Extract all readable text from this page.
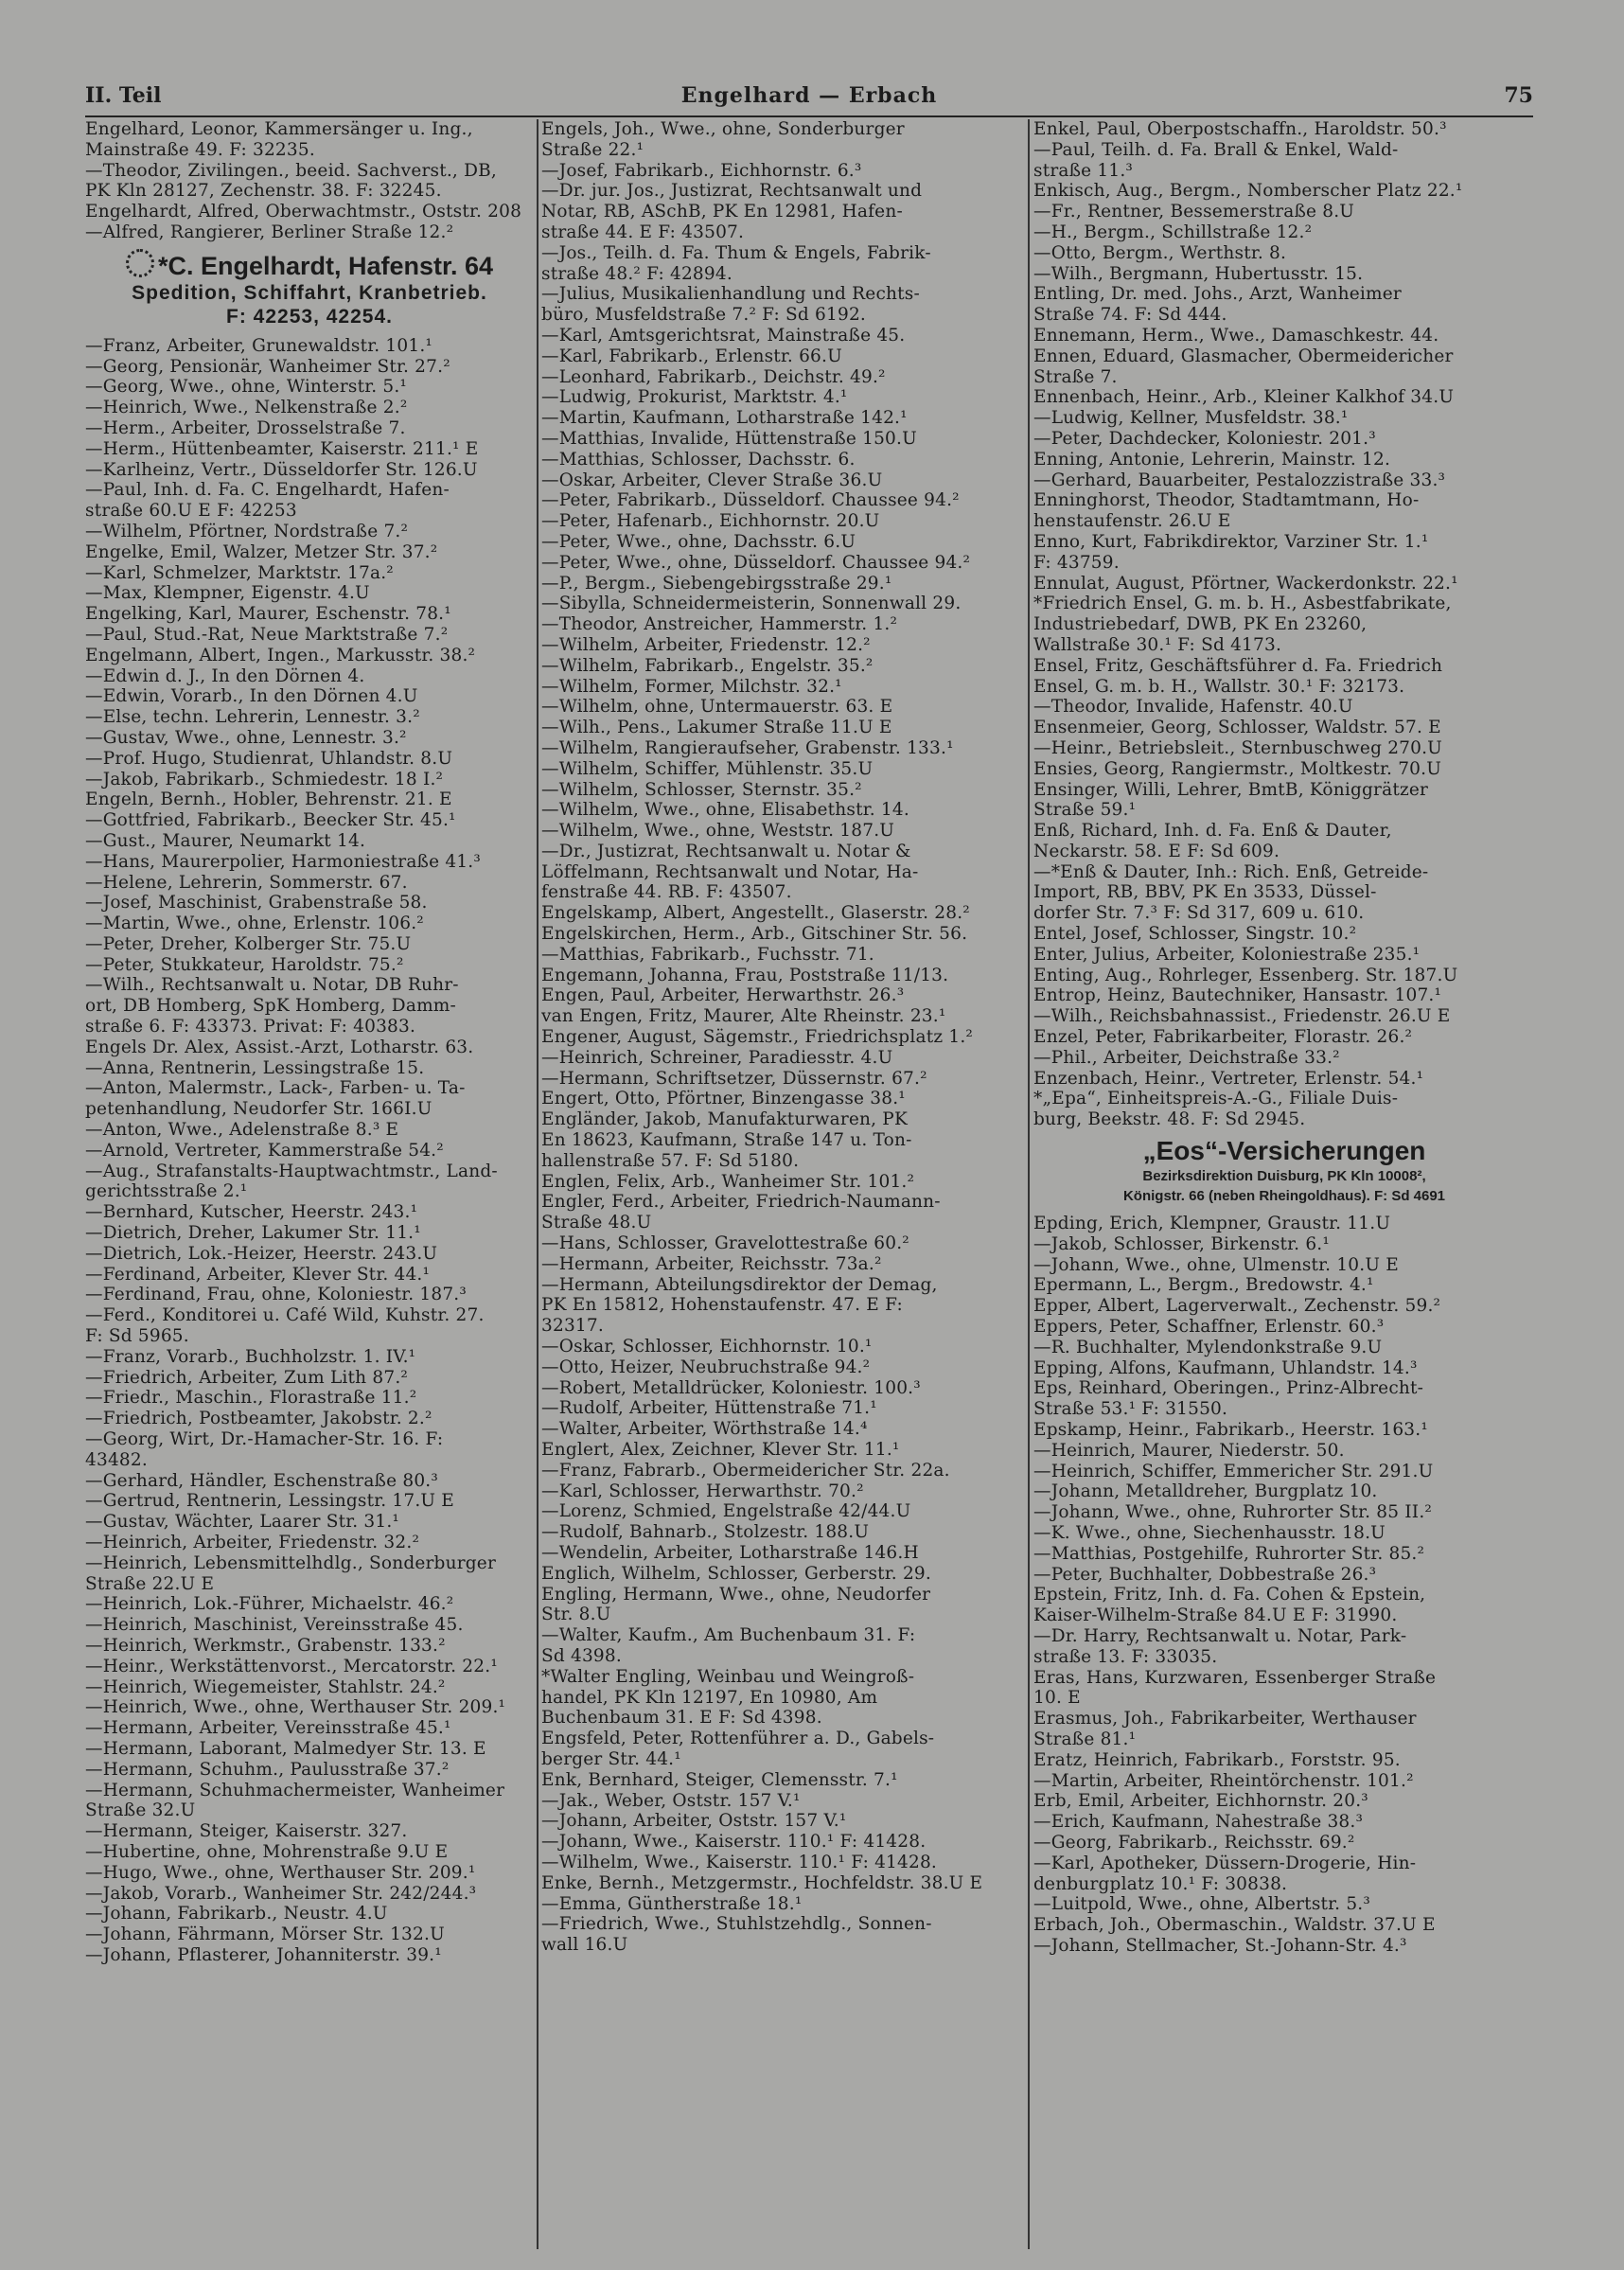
II. Teil	Engelhard — Erbach	75
Engelhard, Leonor, Kammersänger u. Ing.,
Mainstraße 49. F: 32235.
—Theodor, Zivilingen., beeid. Sachverst., DB,
PK Kln 28127, Zechenstr. 38. F: 32245.
Engelhardt, Alfred, Oberwachtmstr., Oststr. 208
—Alfred, Rangierer, Berliner Straße 12.²
*C. Engelhardt, Hafenstr. 64
Spedition, Schiffahrt, Kranbetrieb.
F: 42253, 42254.
—Franz, Arbeiter, Grunewaldstr. 101.¹
—Georg, Pensionär, Wanheimer Str. 27.²
—Georg, Wwe., ohne, Winterstr. 5.¹
—Heinrich, Wwe., Nelkenstraße 2.²
—Herm., Arbeiter, Drosselstraße 7.
—Herm., Hüttenbeamter, Kaiserstr. 211.¹ E
—Karlheinz, Vertr., Düsseldorfer Str. 126.U
—Paul, Inh. d. Fa. C. Engelhardt, Hafen-
straße 60.U E F: 42253
—Wilhelm, Pförtner, Nordstraße 7.²
Engelke, Emil, Walzer, Metzer Str. 37.²
—Karl, Schmelzer, Marktstr. 17a.²
—Max, Klempner, Eigenstr. 4.U
Engelking, Karl, Maurer, Eschenstr. 78.¹
—Paul, Stud.-Rat, Neue Marktstraße 7.²
Engelmann, Albert, Ingen., Markusstr. 38.²
—Edwin d. J., In den Dörnen 4.
—Edwin, Vorarb., In den Dörnen 4.U
—Else, techn. Lehrerin, Lennestr. 3.²
—Gustav, Wwe., ohne, Lennestr. 3.²
—Prof. Hugo, Studienrat, Uhlandstr. 8.U
—Jakob, Fabrikarb., Schmiedestr. 18 I.²
Engeln, Bernh., Hobler, Behrenstr. 21. E
—Gottfried, Fabrikarb., Beecker Str. 45.¹
—Gust., Maurer, Neumarkt 14.
—Hans, Maurerpolier, Harmoniestraße 41.³
—Helene, Lehrerin, Sommerstr. 67.
—Josef, Maschinist, Grabenstraße 58.
—Martin, Wwe., ohne, Erlenstr. 106.²
—Peter, Dreher, Kolberger Str. 75.U
—Peter, Stukkateur, Haroldstr. 75.²
—Wilh., Rechtsanwalt u. Notar, DB Ruhr-
ort, DB Homberg, SpK Homberg, Damm-
straße 6. F: 43373. Privat: F: 40383.
Engels Dr. Alex, Assist.-Arzt, Lotharstr. 63.
—Anna, Rentnerin, Lessingstraße 15.
—Anton, Malermstr., Lack-, Farben- u. Ta-
petenhandlung, Neudorfer Str. 166I.U
—Anton, Wwe., Adelenstraße 8.³ E
—Arnold, Vertreter, Kammerstraße 54.²
—Aug., Strafanstalts-Hauptwachtmstr., Land-
gerichtsstraße 2.¹
—Bernhard, Kutscher, Heerstr. 243.¹
—Dietrich, Dreher, Lakumer Str. 11.¹
—Dietrich, Lok.-Heizer, Heerstr. 243.U
—Ferdinand, Arbeiter, Klever Str. 44.¹
—Ferdinand, Frau, ohne, Koloniestr. 187.³
—Ferd., Konditorei u. Café Wild, Kuhstr. 27.
F: Sd 5965.
—Franz, Vorarb., Buchholzstr. 1. IV.¹
—Friedrich, Arbeiter, Zum Lith 87.²
—Friedr., Maschin., Florastraße 11.²
—Friedrich, Postbeamter, Jakobstr. 2.²
—Georg, Wirt, Dr.-Hamacher-Str. 16. F:
43482.
—Gerhard, Händler, Eschenstraße 80.³
—Gertrud, Rentnerin, Lessingstr. 17.U E
—Gustav, Wächter, Laarer Str. 31.¹
—Heinrich, Arbeiter, Friedenstr. 32.²
—Heinrich, Lebensmittelhdlg., Sonderburger
Straße 22.U E
—Heinrich, Lok.-Führer, Michaelstr. 46.²
—Heinrich, Maschinist, Vereinsstraße 45.
—Heinrich, Werkmstr., Grabenstr. 133.²
—Heinr., Werkstättenvorst., Mercatorstr. 22.¹
—Heinrich, Wiegemeister, Stahlstr. 24.²
—Heinrich, Wwe., ohne, Werthauser Str. 209.¹
—Hermann, Arbeiter, Vereinsstraße 45.¹
—Hermann, Laborant, Malmedyer Str. 13. E
—Hermann, Schuhm., Paulusstraße 37.²
—Hermann, Schuhmachermeister, Wanheimer
Straße 32.U
—Hermann, Steiger, Kaiserstr. 327.
—Hubertine, ohne, Mohrenstraße 9.U E
—Hugo, Wwe., ohne, Werthauser Str. 209.¹
—Jakob, Vorarb., Wanheimer Str. 242/244.³
—Johann, Fabrikarb., Neustr. 4.U
—Johann, Fährmann, Mörser Str. 132.U
—Johann, Pflasterer, Johanniterstr. 39.¹
Engels, Joh., Wwe., ohne, Sonderburger
Straße 22.¹
—Josef, Fabrikarb., Eichhornstr. 6.³
—Dr. jur. Jos., Justizrat, Rechtsanwalt und
Notar, RB, ASchB, PK En 12981, Hafen-
straße 44. E F: 43507.
—Jos., Teilh. d. Fa. Thum & Engels, Fabrik-
straße 48.² F: 42894.
—Julius, Musikalienhandlung und Rechts-
büro, Musfeldstraße 7.² F: Sd 6192.
—Karl, Amtsgerichtsrat, Mainstraße 45.
—Karl, Fabrikarb., Erlenstr. 66.U
—Leonhard, Fabrikarb., Deichstr. 49.²
—Ludwig, Prokurist, Marktstr. 4.¹
—Martin, Kaufmann, Lotharstraße 142.¹
—Matthias, Invalide, Hüttenstraße 150.U
—Matthias, Schlosser, Dachsstr. 6.
—Oskar, Arbeiter, Clever Straße 36.U
—Peter, Fabrikarb., Düsseldorf. Chaussee 94.²
—Peter, Hafenarb., Eichhornstr. 20.U
—Peter, Wwe., ohne, Dachsstr. 6.U
—Peter, Wwe., ohne, Düsseldorf. Chaussee 94.²
—P., Bergm., Siebengebirgsstraße 29.¹
—Sibylla, Schneidermeisterin, Sonnenwall 29.
—Theodor, Anstreicher, Hammerstr. 1.²
—Wilhelm, Arbeiter, Friedenstr. 12.²
—Wilhelm, Fabrikarb., Engelstr. 35.²
—Wilhelm, Former, Milchstr. 32.¹
—Wilhelm, ohne, Untermauerstr. 63. E
—Wilh., Pens., Lakumer Straße 11.U E
—Wilhelm, Rangieraufseher, Grabenstr. 133.¹
—Wilhelm, Schiffer, Mühlenstr. 35.U
—Wilhelm, Schlosser, Sternstr. 35.²
—Wilhelm, Wwe., ohne, Elisabethstr. 14.
—Wilhelm, Wwe., ohne, Weststr. 187.U
—Dr., Justizrat, Rechtsanwalt u. Notar &
Löffelmann, Rechtsanwalt und Notar, Ha-
fenstraße 44. RB. F: 43507.
Engelskamp, Albert, Angestellt., Glaserstr. 28.²
Engelskirchen, Herm., Arb., Gitschiner Str. 56.
—Matthias, Fabrikarb., Fuchsstr. 71.
Engemann, Johanna, Frau, Poststraße 11/13.
Engen, Paul, Arbeiter, Herwarthstr. 26.³
van Engen, Fritz, Maurer, Alte Rheinstr. 23.¹
Engener, August, Sägemstr., Friedrichsplatz 1.²
—Heinrich, Schreiner, Paradiesstr. 4.U
—Hermann, Schriftsetzer, Düssernstr. 67.²
Engert, Otto, Pförtner, Binzengasse 38.¹
Engländer, Jakob, Manufakturwaren, PK
En 18623, Kaufmann, Straße 147 u. Ton-
hallenstraße 57. F: Sd 5180.
Englen, Felix, Arb., Wanheimer Str. 101.²
Engler, Ferd., Arbeiter, Friedrich-Naumann-
Straße 48.U
—Hans, Schlosser, Gravelottestraße 60.²
—Hermann, Arbeiter, Reichsstr. 73a.²
—Hermann, Abteilungsdirektor der Demag,
PK En 15812, Hohenstaufenstr. 47. E F:
32317.
—Oskar, Schlosser, Eichhornstr. 10.¹
—Otto, Heizer, Neubruchstraße 94.²
—Robert, Metalldrücker, Koloniestr. 100.³
—Rudolf, Arbeiter, Hüttenstraße 71.¹
—Walter, Arbeiter, Wörthstraße 14.⁴
Englert, Alex, Zeichner, Klever Str. 11.¹
—Franz, Fabrarb., Obermeidericher Str. 22a.
—Karl, Schlosser, Herwarthstr. 70.²
—Lorenz, Schmied, Engelstraße 42/44.U
—Rudolf, Bahnarb., Stolzestr. 188.U
—Wendelin, Arbeiter, Lotharstraße 146.H
Englich, Wilhelm, Schlosser, Gerberstr. 29.
Engling, Hermann, Wwe., ohne, Neudorfer
Str. 8.U
—Walter, Kaufm., Am Buchenbaum 31. F:
Sd 4398.
*Walter Engling, Weinbau und Weingroß-
handel, PK Kln 12197, En 10980, Am
Buchenbaum 31. E F: Sd 4398.
Engsfeld, Peter, Rottenführer a. D., Gabels-
berger Str. 44.¹
Enk, Bernhard, Steiger, Clemensstr. 7.¹
—Jak., Weber, Oststr. 157 V.¹
—Johann, Arbeiter, Oststr. 157 V.¹
—Johann, Wwe., Kaiserstr. 110.¹ F: 41428.
—Wilhelm, Wwe., Kaiserstr. 110.¹ F: 41428.
Enke, Bernh., Metzgermstr., Hochfeldstr. 38.U E
—Emma, Güntherstraße 18.¹
—Friedrich, Wwe., Stuhlstzehdlg., Sonnen-
wall 16.U
Enkel, Paul, Oberpostschaffn., Haroldstr. 50.³
—Paul, Teilh. d. Fa. Brall & Enkel, Wald-
straße 11.³
Enkisch, Aug., Bergm., Nomberscher Platz 22.¹
—Fr., Rentner, Bessemerstraße 8.U
—H., Bergm., Schillstraße 12.²
—Otto, Bergm., Werthstr. 8.
—Wilh., Bergmann, Hubertusstr. 15.
Entling, Dr. med. Johs., Arzt, Wanheimer
Straße 74. F: Sd 444.
Ennemann, Herm., Wwe., Damaschkestr. 44.
Ennen, Eduard, Glasmacher, Obermeidericher
Straße 7.
Ennenbach, Heinr., Arb., Kleiner Kalkhof 34.U
—Ludwig, Kellner, Musfeldstr. 38.¹
—Peter, Dachdecker, Koloniestr. 201.³
Enning, Antonie, Lehrerin, Mainstr. 12.
—Gerhard, Bauarbeiter, Pestalozzistraße 33.³
Enninghorst, Theodor, Stadtamtmann, Ho-
henstaufenstr. 26.U E
Enno, Kurt, Fabrikdirektor, Varziner Str. 1.¹
F: 43759.
Ennulat, August, Pförtner, Wackerdonkstr. 22.¹
*Friedrich Ensel, G. m. b. H., Asbestfabrikate,
Industriebedarf, DWB, PK En 23260,
Wallstraße 30.¹ F: Sd 4173.
Ensel, Fritz, Geschäftsführer d. Fa. Friedrich
Ensel, G. m. b. H., Wallstr. 30.¹ F: 32173.
—Theodor, Invalide, Hafenstr. 40.U
Ensenmeier, Georg, Schlosser, Waldstr. 57. E
—Heinr., Betriebsleit., Sternbuschweg 270.U
Ensies, Georg, Rangiermstr., Moltkestr. 70.U
Ensinger, Willi, Lehrer, BmtB, Königgrätzer
Straße 59.¹
Enß, Richard, Inh. d. Fa. Enß & Dauter,
Neckarstr. 58. E F: Sd 609.
—*Enß & Dauter, Inh.: Rich. Enß, Getreide-
Import, RB, BBV, PK En 3533, Düssel-
dorfer Str. 7.³ F: Sd 317, 609 u. 610.
Entel, Josef, Schlosser, Singstr. 10.²
Enter, Julius, Arbeiter, Koloniestraße 235.¹
Enting, Aug., Rohrleger, Essenberg. Str. 187.U
Entrop, Heinz, Bautechniker, Hansastr. 107.¹
—Wilh., Reichsbahnassist., Friedenstr. 26.U E
Enzel, Peter, Fabrikarbeiter, Florastr. 26.²
—Phil., Arbeiter, Deichstraße 33.²
Enzenbach, Heinr., Vertreter, Erlenstr. 54.¹
*„Epa“, Einheitspreis-A.-G., Filiale Duis-
burg, Beekstr. 48. F: Sd 2945.
„Eos“-Versicherungen
Bezirksdirektion Duisburg, PK Kln 10008²,
Königstr. 66 (neben Rheingoldhaus). F: Sd 4691
Epding, Erich, Klempner, Graustr. 11.U
—Jakob, Schlosser, Birkenstr. 6.¹
—Johann, Wwe., ohne, Ulmenstr. 10.U E
Epermann, L., Bergm., Bredowstr. 4.¹
Epper, Albert, Lagerverwalt., Zechenstr. 59.²
Eppers, Peter, Schaffner, Erlenstr. 60.³
—R. Buchhalter, Mylendonkstraße 9.U
Epping, Alfons, Kaufmann, Uhlandstr. 14.³
Eps, Reinhard, Oberingen., Prinz-Albrecht-
Straße 53.¹ F: 31550.
Epskamp, Heinr., Fabrikarb., Heerstr. 163.¹
—Heinrich, Maurer, Niederstr. 50.
—Heinrich, Schiffer, Emmericher Str. 291.U
—Johann, Metalldreher, Burgplatz 10.
—Johann, Wwe., ohne, Ruhrorter Str. 85 II.²
—K. Wwe., ohne, Siechenhausstr. 18.U
—Matthias, Postgehilfe, Ruhrorter Str. 85.²
—Peter, Buchhalter, Dobbestraße 26.³
Epstein, Fritz, Inh. d. Fa. Cohen & Epstein,
Kaiser-Wilhelm-Straße 84.U E F: 31990.
—Dr. Harry, Rechtsanwalt u. Notar, Park-
straße 13. F: 33035.
Eras, Hans, Kurzwaren, Essenberger Straße
10. E
Erasmus, Joh., Fabrikarbeiter, Werthauser
Straße 81.¹
Eratz, Heinrich, Fabrikarb., Forststr. 95.
—Martin, Arbeiter, Rheintörchenstr. 101.²
Erb, Emil, Arbeiter, Eichhornstr. 20.³
—Erich, Kaufmann, Nahestraße 38.³
—Georg, Fabrikarb., Reichsstr. 69.²
—Karl, Apotheker, Düssern-Drogerie, Hin-
denburgplatz 10.¹ F: 30838.
—Luitpold, Wwe., ohne, Albertstr. 5.³
Erbach, Joh., Obermaschin., Waldstr. 37.U E
—Johann, Stellmacher, St.-Johann-Str. 4.³
